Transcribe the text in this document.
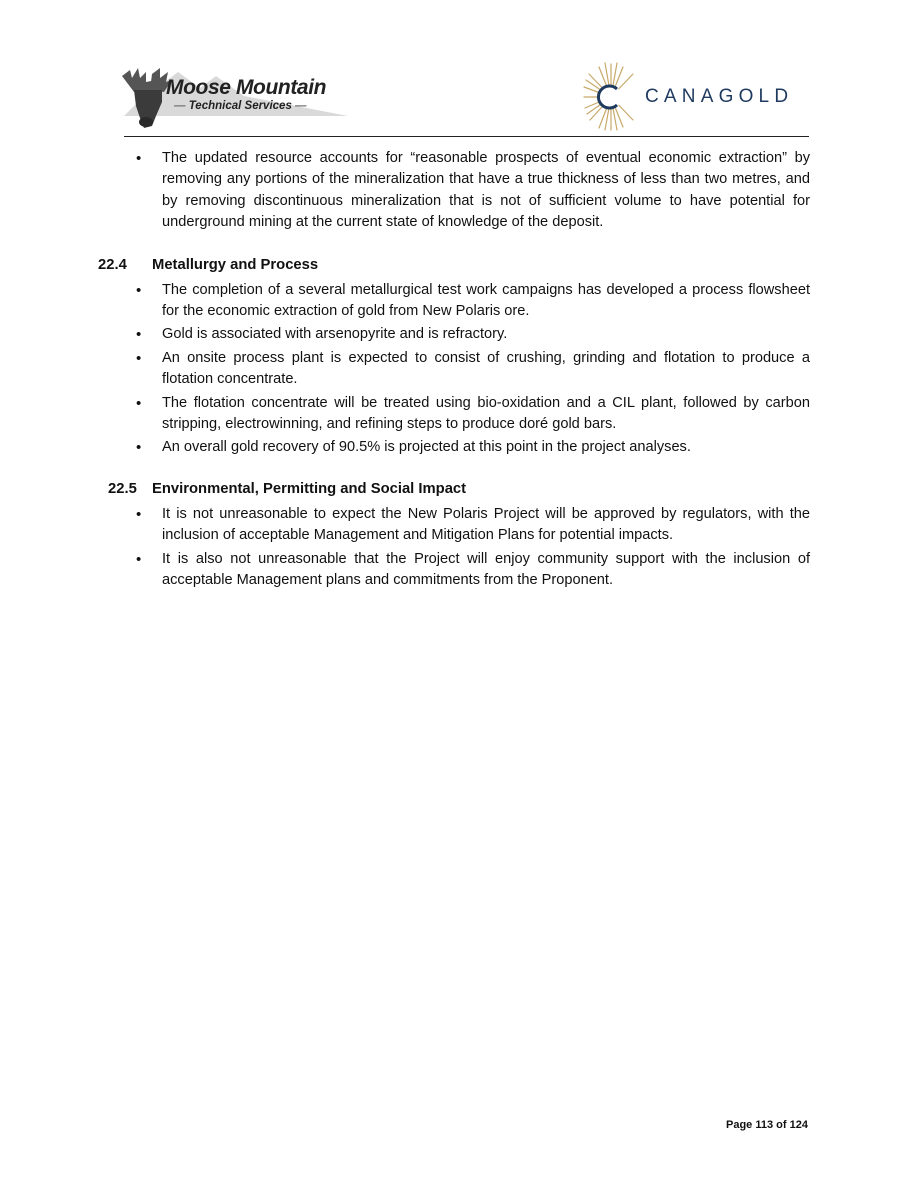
Moose Mountain
— Technical Services —	CANAGOLD
• The updated resource accounts for “reasonable prospects of eventual economic extraction” by removing any portions of the mineralization that have a true thickness of less than two metres, and by removing discontinuous mineralization that is not of sufficient volume to have potential for underground mining at the current state of knowledge of the deposit.
22.4 Metallurgy and Process
• The completion of a several metallurgical test work campaigns has developed a process flowsheet for the economic extraction of gold from New Polaris ore.
• Gold is associated with arsenopyrite and is refractory.
• An onsite process plant is expected to consist of crushing, grinding and flotation to produce a flotation concentrate.
• The flotation concentrate will be treated using bio-oxidation and a CIL plant, followed by carbon stripping, electrowinning, and refining steps to produce doré gold bars.
• An overall gold recovery of 90.5% is projected at this point in the project analyses.
22.5 Environmental, Permitting and Social Impact
• It is not unreasonable to expect the New Polaris Project will be approved by regulators, with the inclusion of acceptable Management and Mitigation Plans for potential impacts.
• It is also not unreasonable that the Project will enjoy community support with the inclusion of acceptable Management plans and commitments from the Proponent.
Page 113 of 124
